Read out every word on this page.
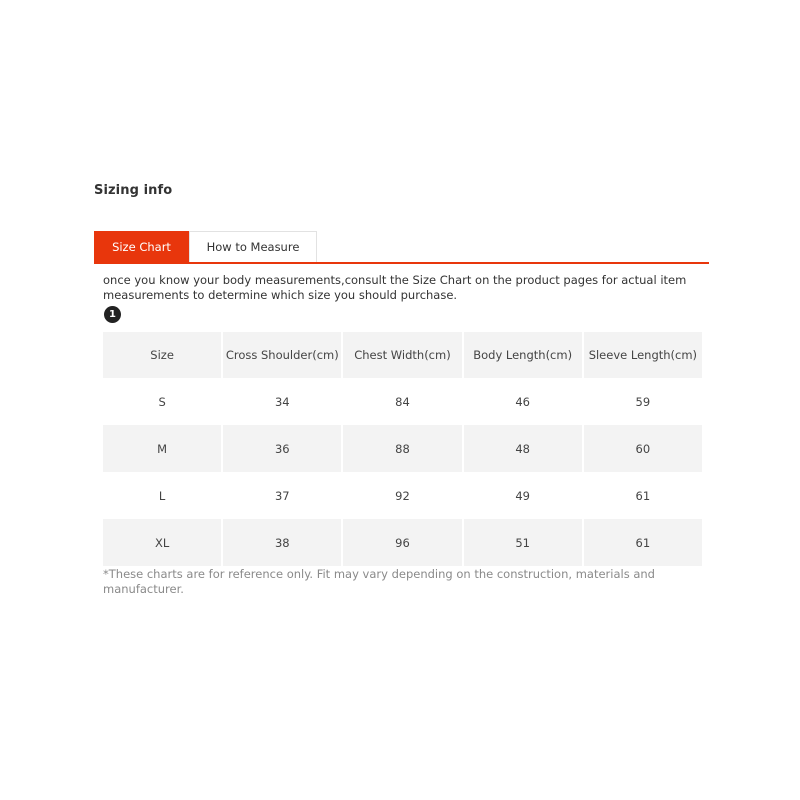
Sizing info
Size Chart	How to Measure
once you know your body measurements,consult the Size Chart on the product pages for actual item measurements to determine which size you should purchase.
1
Size	Cross Shoulder(cm)	Chest Width(cm)	Body Length(cm)	Sleeve Length(cm)
S	34	84	46	59
M	36	88	48	60
L	37	92	49	61
XL	38	96	51	61
*These charts are for reference only. Fit may vary depending on the construction, materials and manufacturer.
